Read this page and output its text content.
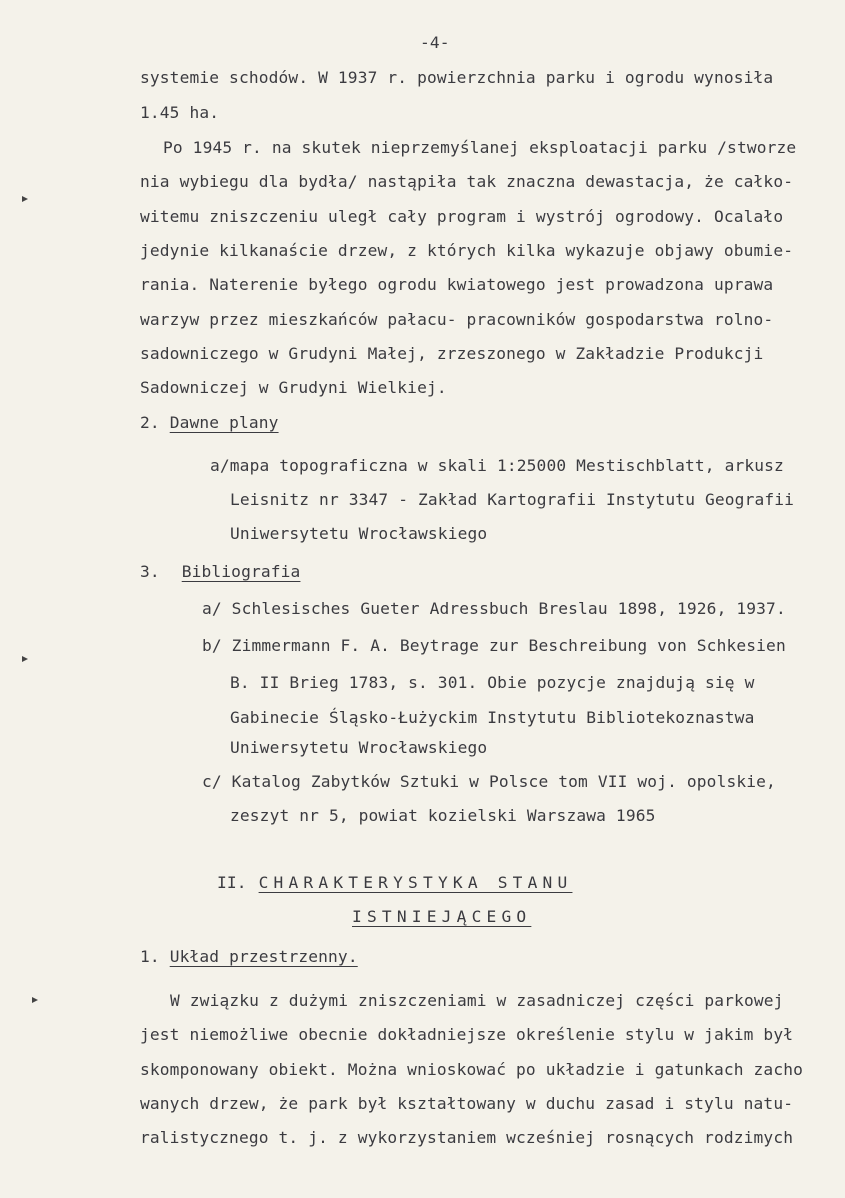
-4-
systemie schodów. W 1937 r. powierzchnia parku i ogrodu wynosiła
1.45 ha.
Po 1945 r. na skutek nieprzemyślanej eksploatacji parku /stworze
nia wybiegu dla bydła/ nastąpiła tak znaczna dewastacja, że całko-
witemu zniszczeniu uległ cały program i wystrój ogrodowy. Ocalało
jedynie kilkanaście drzew, z których kilka wykazuje objawy obumie-
rania. Naterenie byłego ogrodu kwiatowego jest prowadzona uprawa
warzyw przez mieszkańców pałacu- pracowników gospodarstwa rolno-
sadowniczego w Grudyni Małej, zrzeszonego w Zakładzie Produkcji
Sadowniczej w Grudyni Wielkiej.
2. Dawne plany
a/mapa topograficzna w skali 1:25000 Mestischblatt, arkusz
Leisnitz nr 3347 - Zakład Kartografii Instytutu Geografii
Uniwersytetu Wrocławskiego
3. Bibliografia
a/ Schlesisches Gueter Adressbuch Breslau 1898, 1926, 1937.
b/ Zimmermann F. A. Beytrage zur Beschreibung von Schkesien
B. II Brieg 1783, s. 301. Obie pozycje znajdują się w
Gabinecie Śląsko-Łużyckim Instytutu Bibliotekoznastwa
Uniwersytetu Wrocławskiego
c/ Katalog Zabytków Sztuki w Polsce tom VII woj. opolskie,
zeszyt nr 5, powiat kozielski Warszawa 1965
II. CHARAKTERYSTYKA STANU
ISTNIEJĄCEGO
1. Układ przestrzenny.
W związku z dużymi zniszczeniami w zasadniczej części parkowej
jest niemożliwe obecnie dokładniejsze określenie stylu w jakim był
skomponowany obiekt. Można wnioskować po układzie i gatunkach zacho
wanych drzew, że park był kształtowany w duchu zasad i stylu natu-
ralistycznego t. j. z wykorzystaniem wcześniej rosnących rodzimych
